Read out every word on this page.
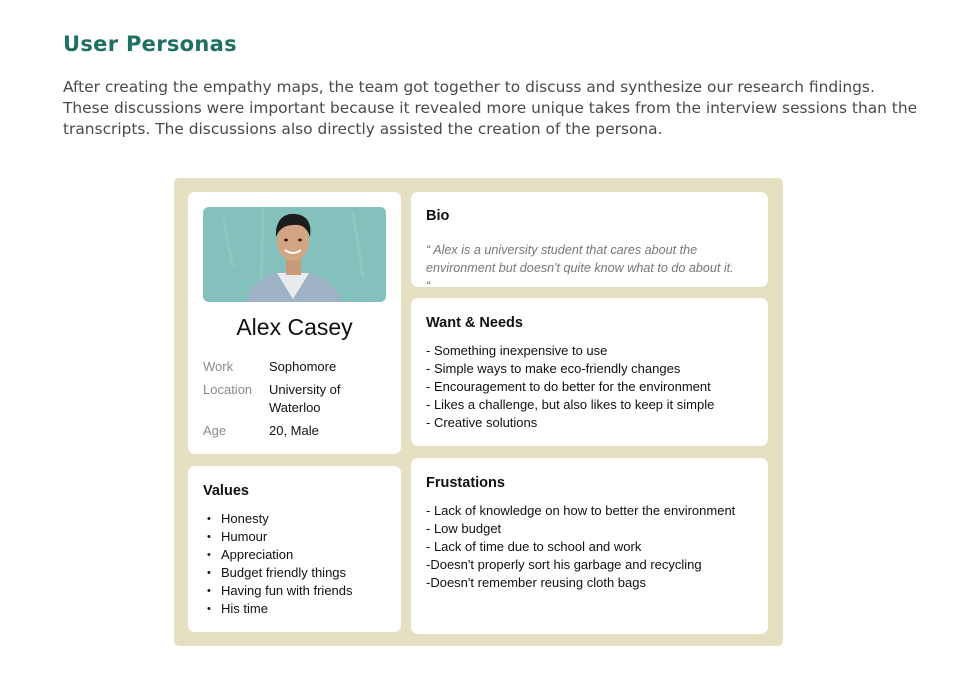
User Personas

After creating the empathy maps, the team got together to discuss and synthesize our research findings. These discussions were important because it revealed more unique takes from the interview sessions than the transcripts. The discussions also directly assisted the creation of the persona.

Alex Casey
Work	Sophomore
Location University of Waterloo
Age	20, Male
Bio

“ Alex is a university student that cares about the environment but doesn't quite know what to do about it. “

Want & Needs
- Something inexpensive to use
- Simple ways to make eco-friendly changes
- Encouragement to do better for the environment
- Likes a challenge, but also likes to keep it simple
- Creative solutions
Values
• Honesty
• Humour
• Appreciation
• Budget friendly things
• Having fun with friends
• His time
Frustations
- Lack of knowledge on how to better the environment
- Low budget
- Lack of time due to school and work
-Doesn't properly sort his garbage and recycling
-Doesn't remember reusing cloth bags
